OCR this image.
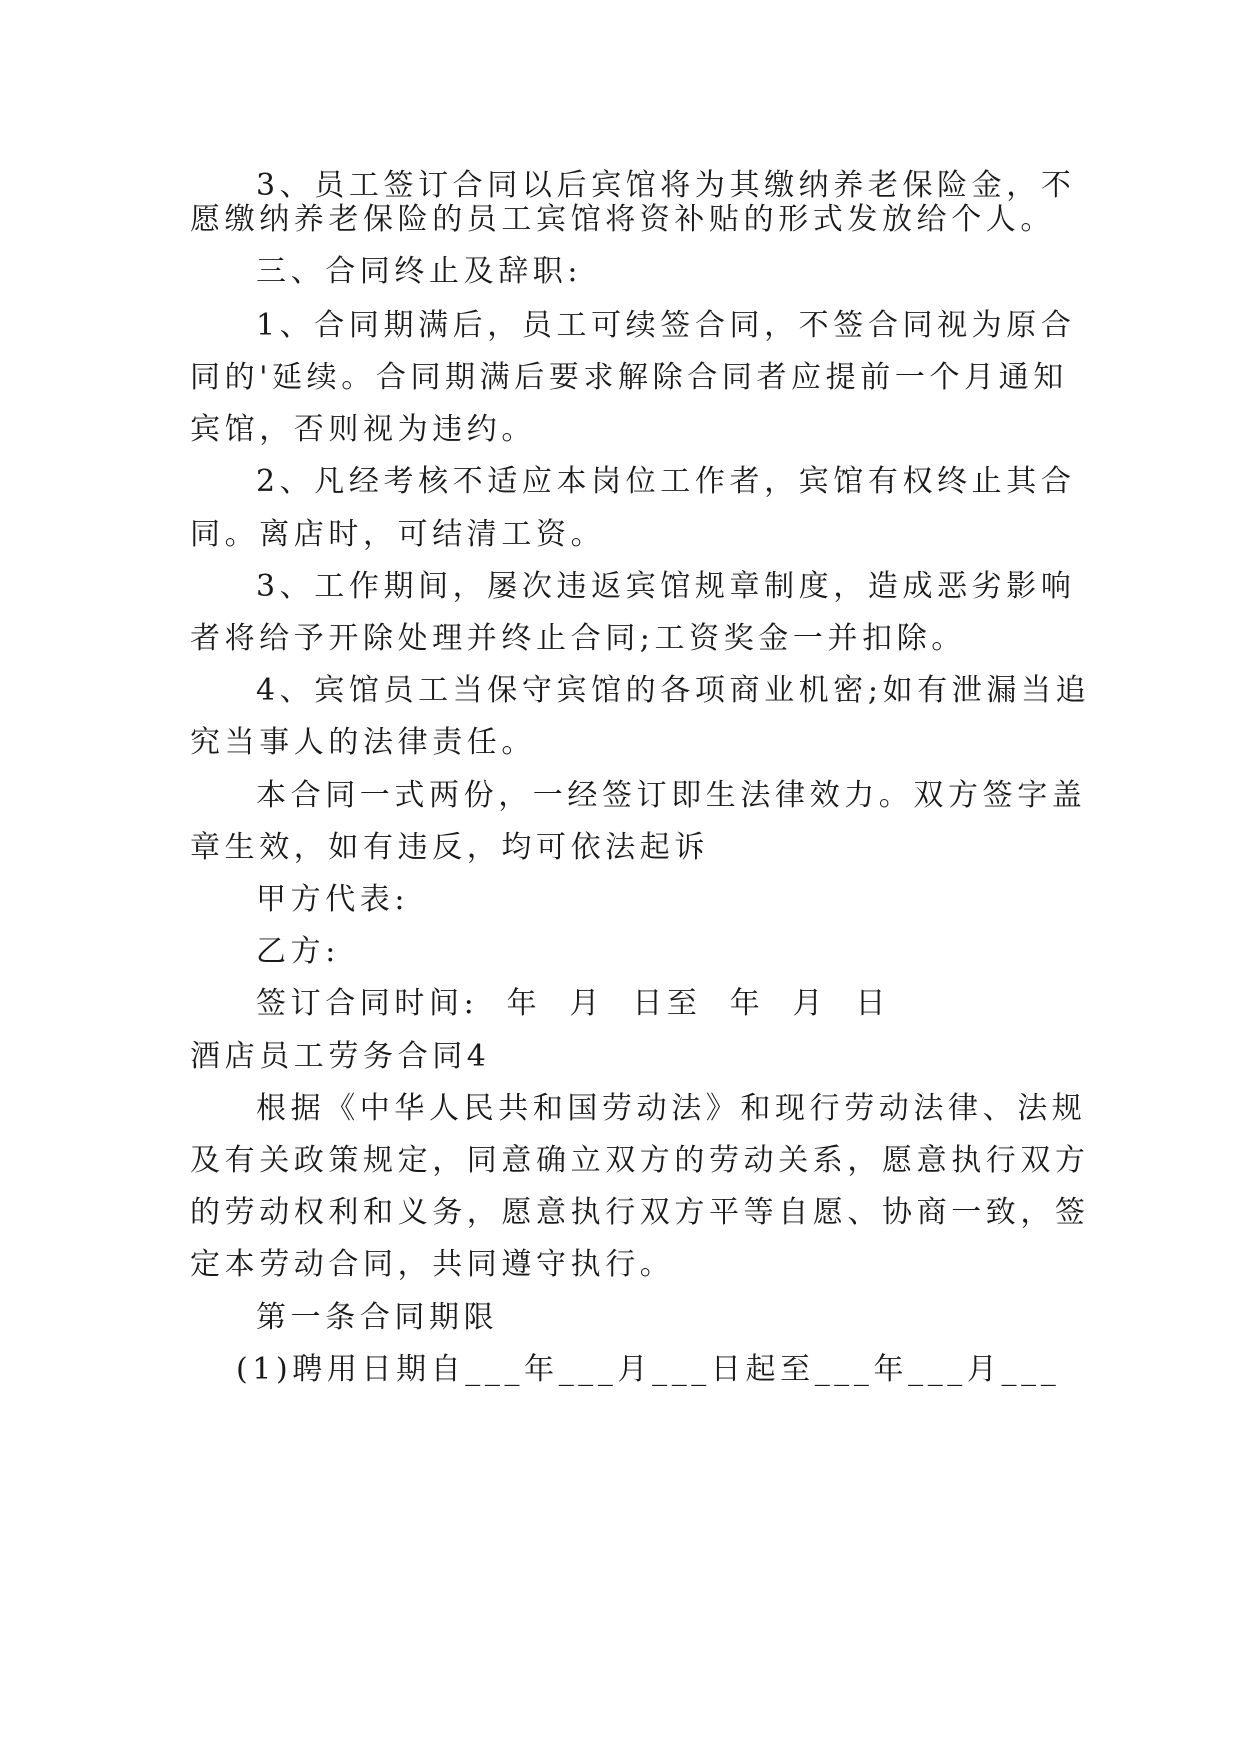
3、员工签订合同以后宾馆将为其缴纳养老保险金，不
愿缴纳养老保险的员工宾馆将资补贴的形式发放给个人。
三、合同终止及辞职:
1、合同期满后，员工可续签合同，不签合同视为原合
同的'延续。合同期满后要求解除合同者应提前一个月通知
宾馆，否则视为违约。
2、凡经考核不适应本岗位工作者，宾馆有权终止其合
同。离店时，可结清工资。
3、工作期间，屡次违返宾馆规章制度，造成恶劣影响
者将给予开除处理并终止合同;工资奖金一并扣除。
4、宾馆员工当保守宾馆的各项商业机密;如有泄漏当追
究当事人的法律责任。
本合同一式两份，一经签订即生法律效力。双方签字盖
章生效，如有违反，均可依法起诉
甲方代表:
乙方:
签订合同时间:  年  月  日至  年  月  日
酒店员工劳务合同4
根据《中华人民共和国劳动法》和现行劳动法律、法规
及有关政策规定，同意确立双方的劳动关系，愿意执行双方
的劳动权利和义务，愿意执行双方平等自愿、协商一致，签
定本劳动合同，共同遵守执行。
第一条合同期限
(1)聘用日期自___年___月___日起至___年___月___
